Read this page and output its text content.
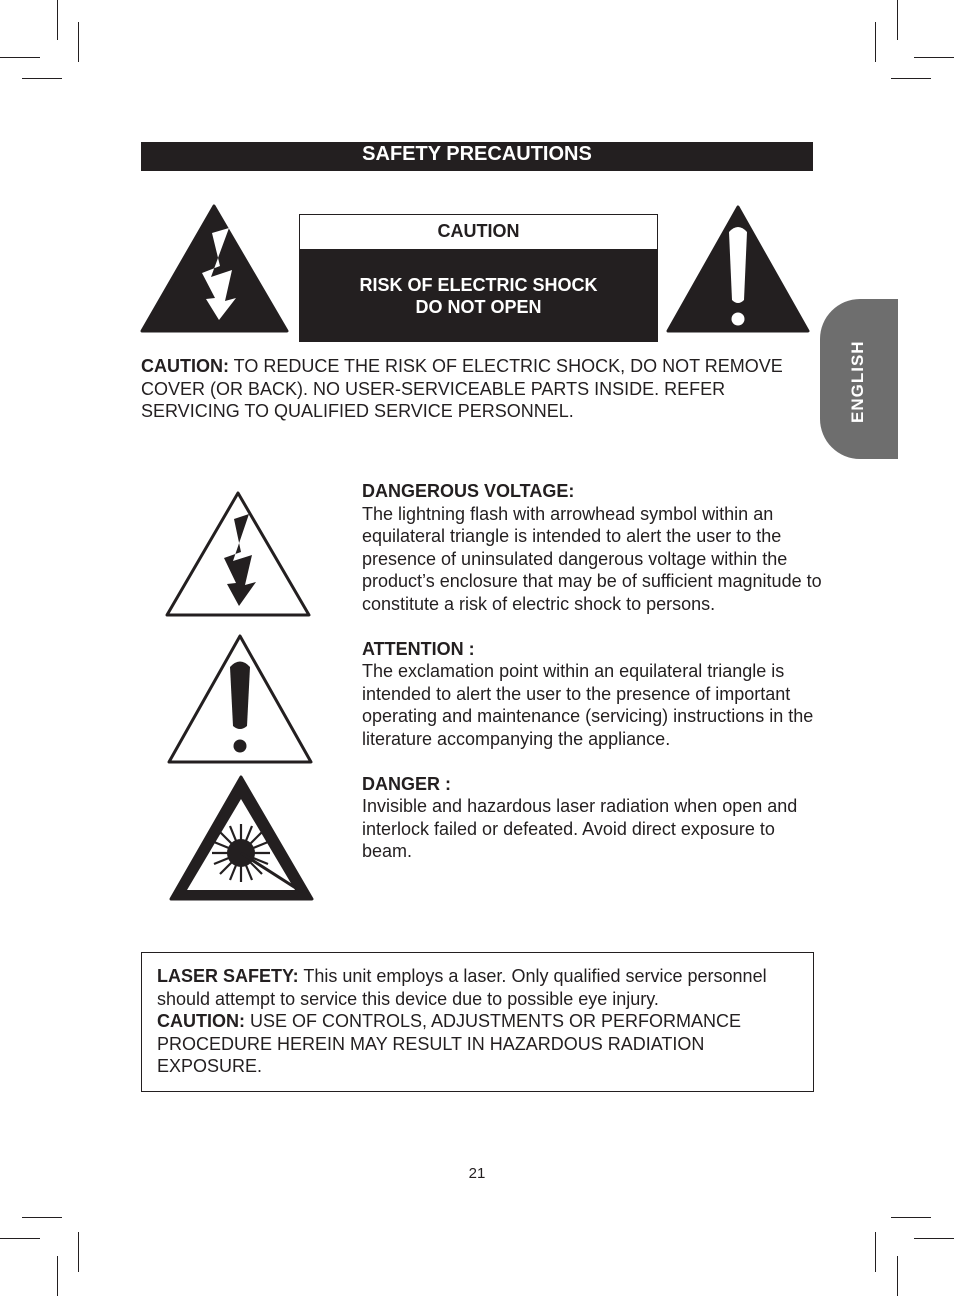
SAFETY PRECAUTIONS
CAUTION
RISK OF ELECTRIC SHOCK
DO NOT OPEN
CAUTION: TO REDUCE THE RISK OF ELECTRIC SHOCK, DO NOT REMOVE COVER (OR BACK). NO USER-SERVICEABLE PARTS INSIDE. REFER SERVICING TO QUALIFIED SERVICE PERSONNEL.	ENGLISH
DANGEROUS VOLTAGE:
The lightning flash with arrowhead symbol within an equilateral triangle is intended to alert the user to the presence of uninsulated dangerous voltage within the product’s enclosure that may be of sufficient magnitude to constitute a risk of electric shock to persons.
ATTENTION :
The exclamation point within an equilateral triangle is intended to alert the user to the presence of important operating and maintenance (servicing) instructions in the literature accompanying the appliance.
DANGER :
Invisible and hazardous laser radiation when open and interlock failed or defeated. Avoid direct exposure to beam.
LASER SAFETY: This unit employs a laser. Only qualified service personnel should attempt to service this device due to possible eye injury.
CAUTION: USE OF CONTROLS, ADJUSTMENTS OR PERFORMANCE PROCEDURE HEREIN MAY RESULT IN HAZARDOUS RADIATION EXPOSURE.
21
